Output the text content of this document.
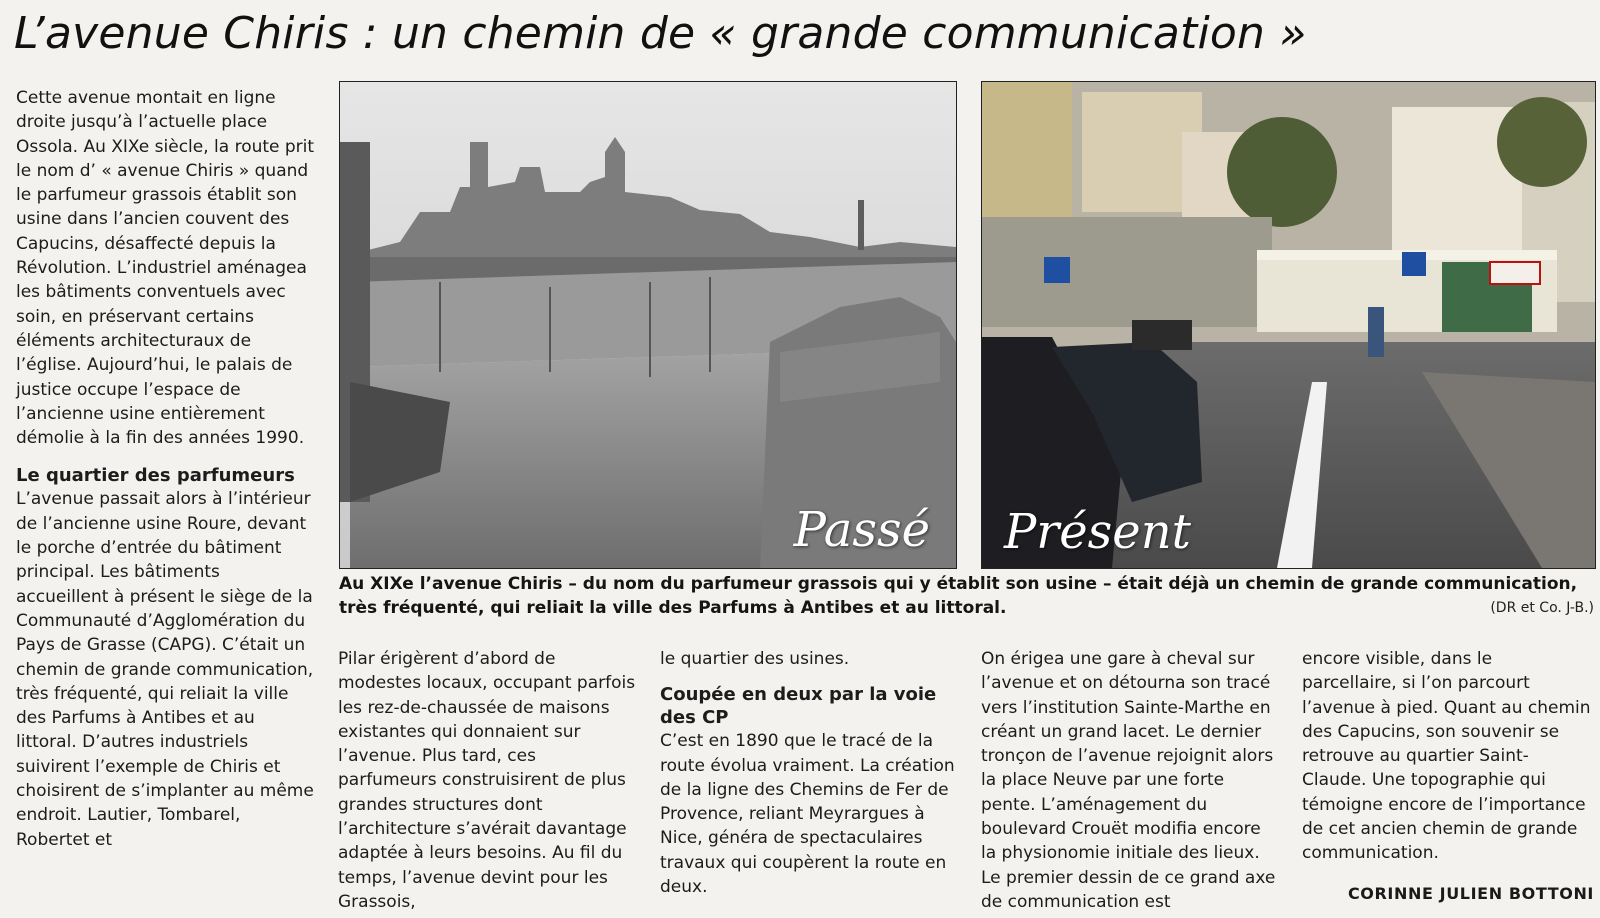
L’avenue Chiris : un chemin de « grande communication »

Cette avenue montait en ligne droite jusqu’à l’actuelle place Ossola. Au XIXe siècle, la route prit le nom d’ « avenue Chiris » quand le parfumeur grassois établit son usine dans l’ancien couvent des Capucins, désaffecté depuis la Révolution. L’industriel aménagea les bâtiments conventuels avec soin, en préservant certains éléments architecturaux de l’église. Aujourd’hui, le palais de justice occupe l’espace de l’ancienne usine entièrement démolie à la fin des années 1990.

Le quartier des parfumeurs

L’avenue passait alors à l’intérieur de l’ancienne usine Roure, devant le porche d’entrée du bâtiment principal. Les bâtiments accueillent à présent le siège de la Communauté d’Agglomération du Pays de Grasse (CAPG). C’était un chemin de grande communication, très fréquenté, qui reliait la ville des Parfums à Antibes et au littoral. D’autres industriels suivirent l’exemple de Chiris et choisirent de s’implanter au même endroit. Lautier, Tombarel, Robertet et

Passé Présent
Au XIXe l’avenue Chiris – du nom du parfumeur grassois qui y établit son usine – était déjà un chemin de grande communication, très fréquenté, qui reliait la ville des Parfums à Antibes et au littoral.	(DR et Co. J-B.)

Pilar érigèrent d’abord de modestes locaux, occupant parfois les rez-de-chaussée de maisons existantes qui donnaient sur l’avenue. Plus tard, ces parfumeurs construisirent de plus grandes structures dont l’architecture s’avérait davantage adaptée à leurs besoins. Au fil du temps, l’avenue devint pour les Grassois,

le quartier des usines.

Coupée en deux par la voie des CP

C’est en 1890 que le tracé de la route évolua vraiment. La création de la ligne des Chemins de Fer de Provence, reliant Meyrargues à Nice, généra de spectaculaires travaux qui coupèrent la route en deux.

On érigea une gare à cheval sur l’avenue et on détourna son tracé vers l’institution Sainte-Marthe en créant un grand lacet. Le dernier tronçon de l’avenue rejoignit alors la place Neuve par une forte pente. L’aménagement du boulevard Crouët modifia encore la physionomie initiale des lieux. Le premier dessin de ce grand axe de communication est

encore visible, dans le parcellaire, si l’on parcourt l’avenue à pied. Quant au chemin des Capucins, son souvenir se retrouve au quartier Saint-Claude. Une topographie qui témoigne encore de l’importance de cet ancien chemin de grande communication.

CORINNE JULIEN BOTTONI
